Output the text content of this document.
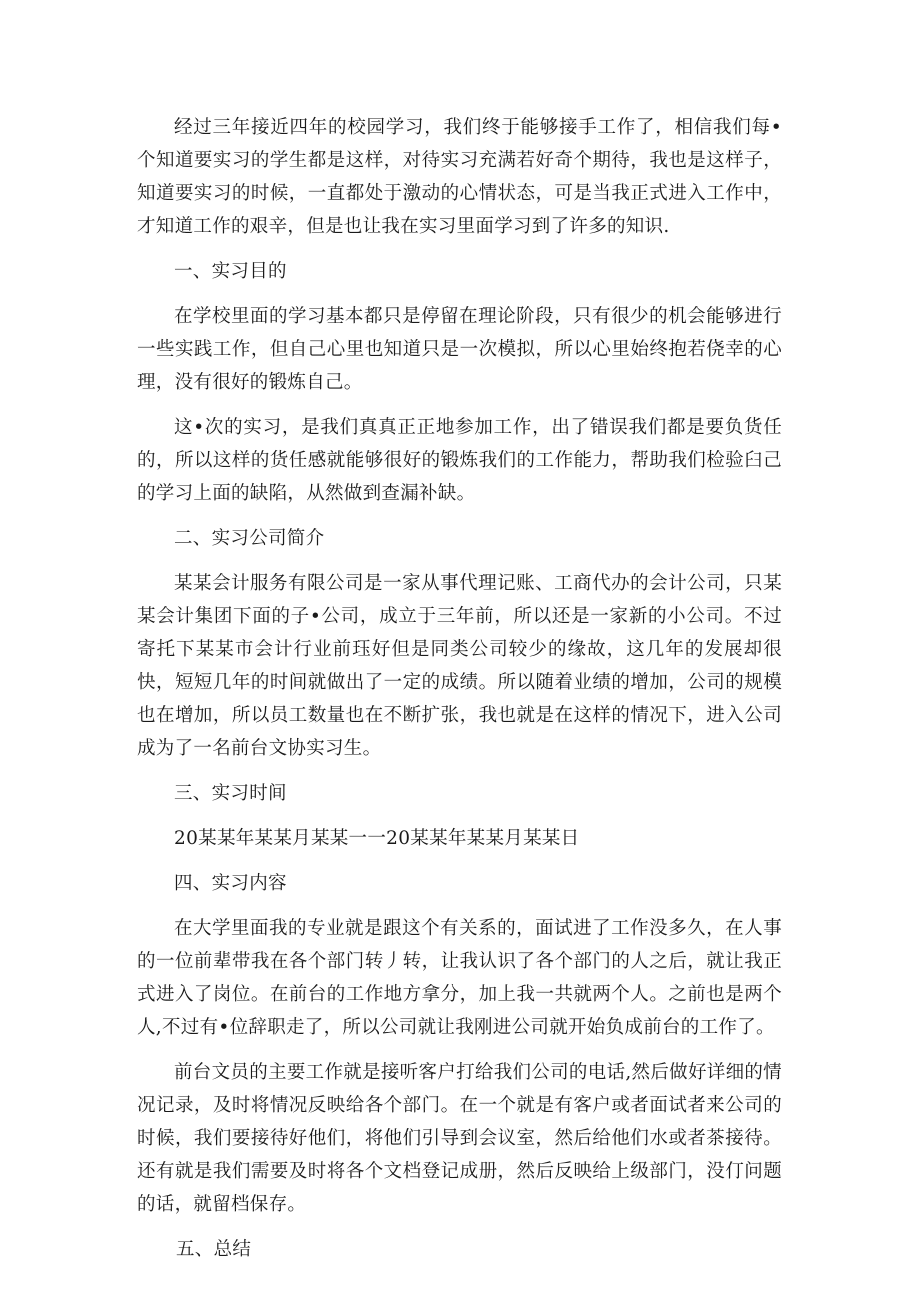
经过三年接近四年的校园学习，我们终于能够接手工作了，相信我们每•个知道要实习的学生都是这样，对待实习充满若好奇个期待，我也是这样子，知道要实习的时候，一直都处于激动的心情状态，可是当我正式进入工作中，才知道工作的艰辛，但是也让我在实习里面学习到了许多的知识.

一、实习目的

在学校里面的学习基本都只是停留在理论阶段，只有很少的机会能够进行一些实践工作，但自己心里也知道只是一次模拟，所以心里始终抱若侥幸的心理，没有很好的锻炼自己。

这•次的实习，是我们真真正正地参加工作，出了错误我们都是要负货任的，所以这样的货任感就能够很好的锻炼我们的工作能力，帮助我们检验臼己的学习上面的缺陷，从然做到查漏补缺。

二、实习公司简介

某某会计服务有限公司是一家从事代理记账、工商代办的会计公司，只某某会计集团下面的子•公司，成立于三年前，所以还是一家新的小公司。不过寄托下某某市会计行业前珏好但是同类公司较少的缘故，这几年的发展却很快，短短几年的时间就做出了一定的成绩。所以随着业绩的增加，公司的规模也在增加，所以员工数量也在不断扩张，我也就是在这样的情况下，进入公司成为了一名前台文协实习生。

三、实习时间

20某某年某某月某某一一20某某年某某月某某日

四、实习内容

在大学里面我的专业就是跟这个有关系的，面试进了工作没多久，在人事的一位前辈带我在各个部门转丿转，让我认识了各个部门的人之后，就让我正式进入了岗位。在前台的工作地方拿分，加上我一共就两个人。之前也是两个人,不过有•位辞职走了，所以公司就让我刚进公司就开始负成前台的工作了。

前台文员的主要工作就是接听客户打给我们公司的电话,然后做好详细的情况记录，及时将情况反映给各个部门。在一个就是有客户或者面试者来公司的时候，我们要接待好他们，将他们引导到会议室，然后给他们水或者茶接待。还有就是我们需要及时将各个文档登记成册，然后反映给上级部门，没仃问题的话，就留档保存。

五、总结
